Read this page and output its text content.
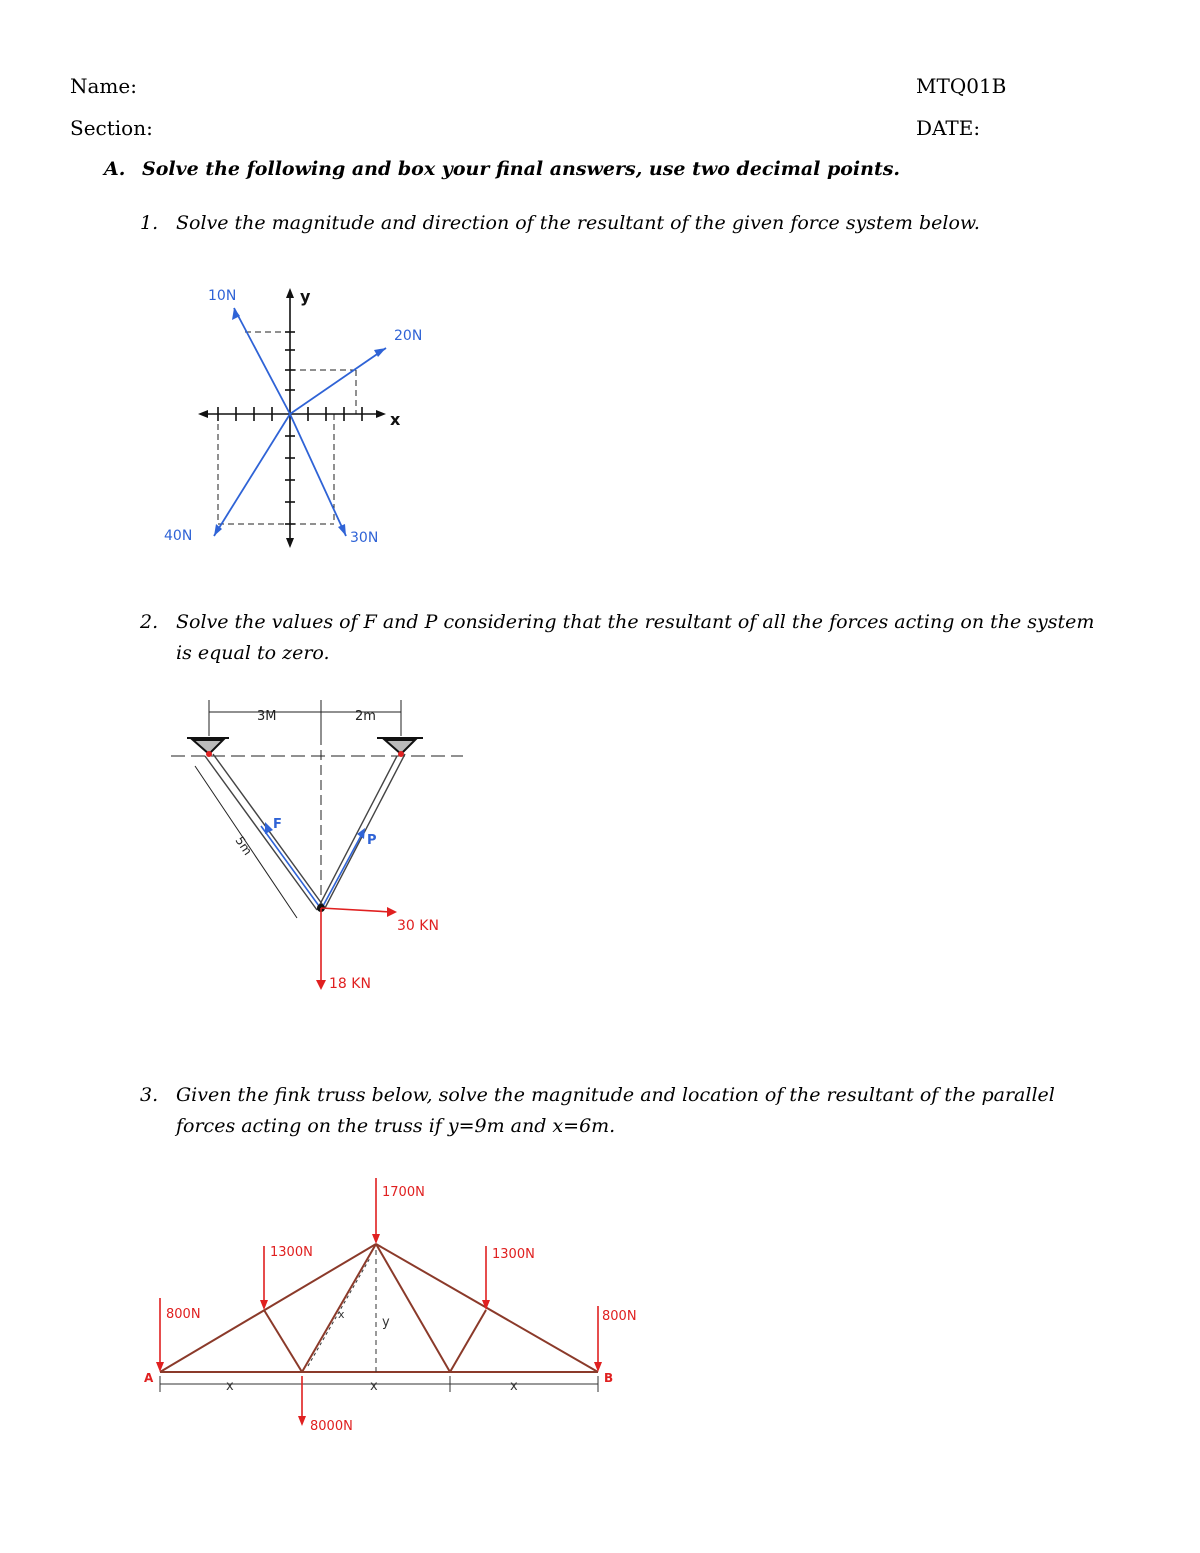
Name:
Section:
MTQ01B
DATE:
A. Solve the following and box your final answers, use two decimal points.
1. Solve the magnitude and direction of the resultant of the given force system below.
10N
20N
40N	30N
y
x
2. Solve the values of F and P considering that the resultant of all the forces acting on the system is equal to zero.
3M	2m
5m
F
P
30 KN
18 KN
3. Given the fink truss below, solve the magnitude and location of the resultant of the parallel forces acting on the truss if y=9m and x=6m.
1700N
1300N	1300N
800N	800N
8000N
A	B
x	x	x
y
x
